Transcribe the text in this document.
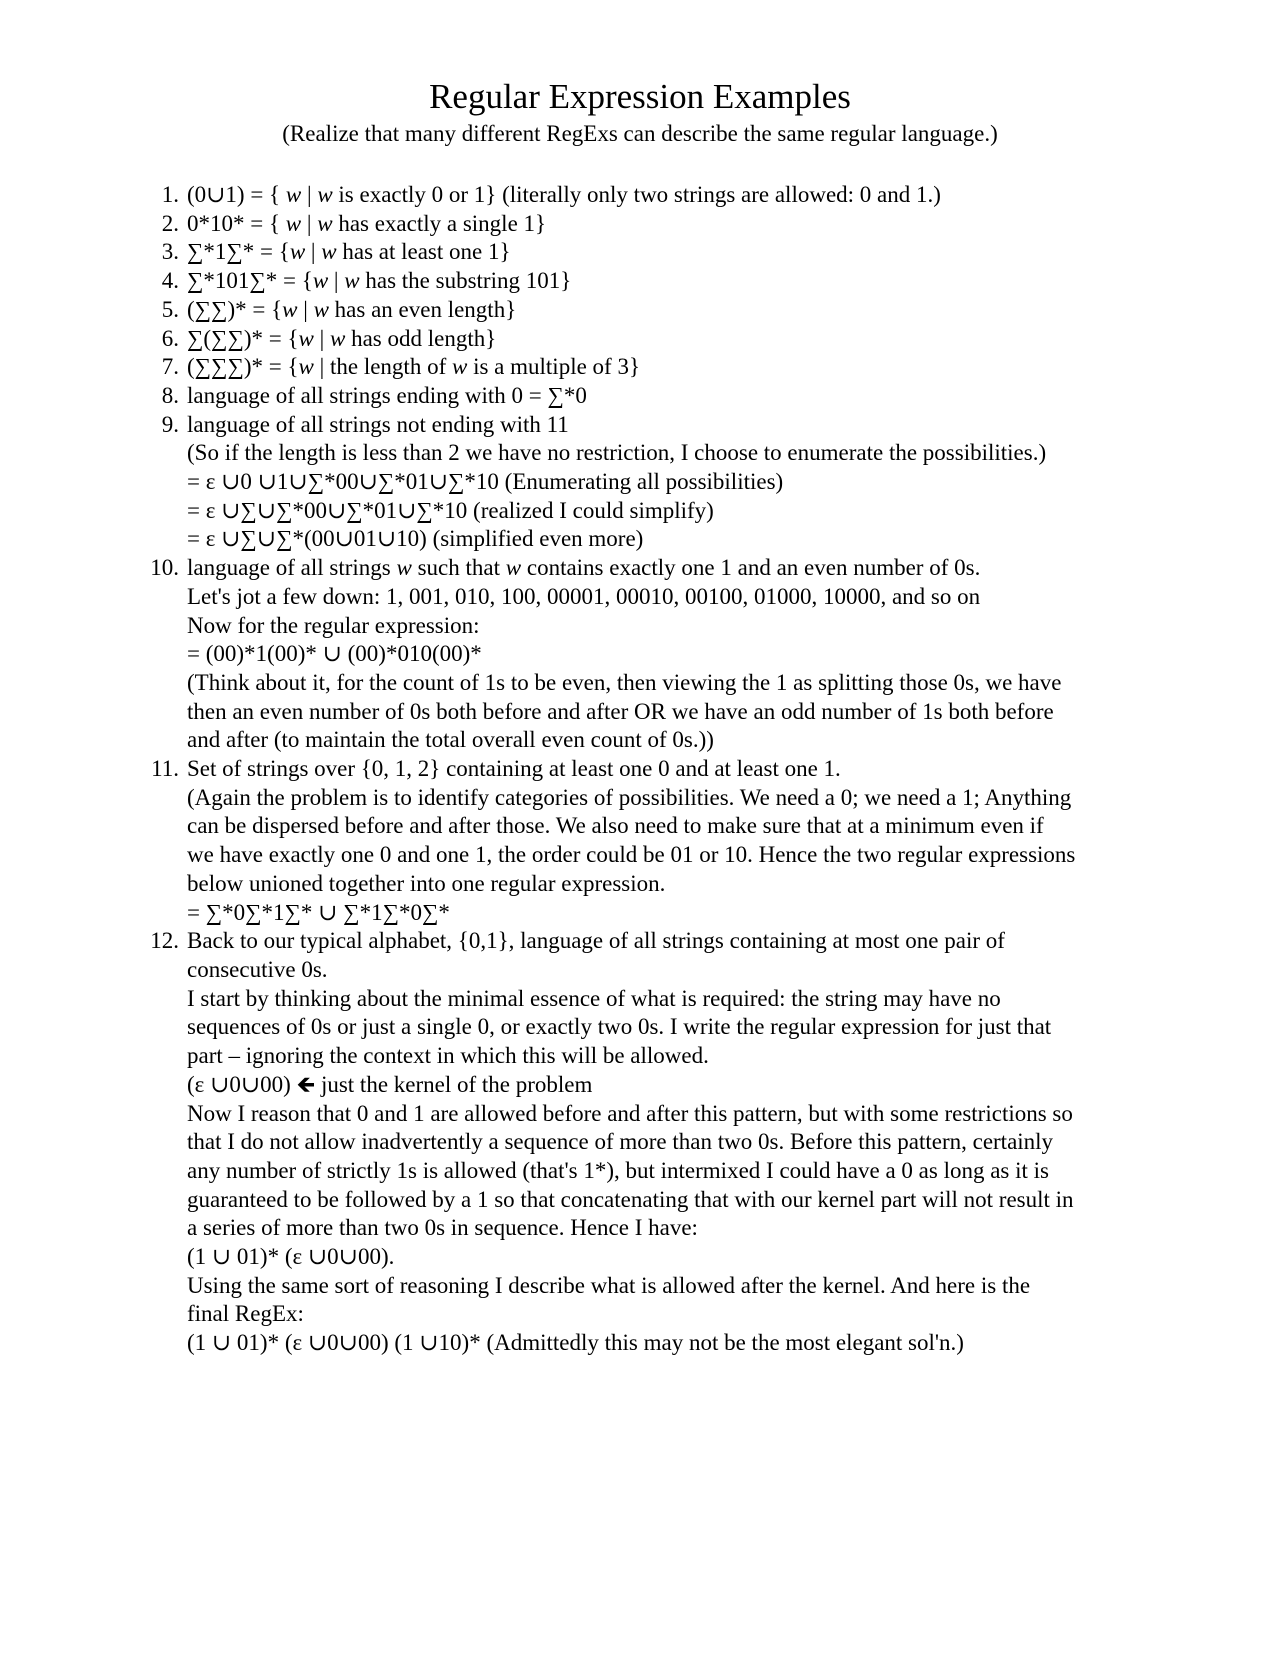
Regular Expression Examples
(Realize that many different RegExs can describe the same regular language.)
1. (0∪1) = { w | w is exactly 0 or 1} (literally only two strings are allowed: 0 and 1.)
2. 0*10* = { w | w has exactly a single 1}
3. ∑*1∑* = {w | w has at least one 1}
4. ∑*101∑* = {w | w has the substring 101}
5. (∑∑)* = {w | w has an even length}
6. ∑(∑∑)* = {w | w has odd length}
7. (∑∑∑)* = {w | the length of w is a multiple of 3}
8. language of all strings ending with 0 = ∑*0
9. language of all strings not ending with 11
(So if the length is less than 2 we have no restriction, I choose to enumerate the possibilities.)
= ε ∪0 ∪1∪∑*00∪∑*01∪∑*10 (Enumerating all possibilities)
= ε ∪∑∪∑*00∪∑*01∪∑*10 (realized I could simplify)
= ε ∪∑∪∑*(00∪01∪10) (simplified even more)
10. language of all strings w such that w contains exactly one 1 and an even number of 0s.
Let's jot a few down: 1, 001, 010, 100, 00001, 00010, 00100, 01000, 10000, and so on
Now for the regular expression:
= (00)*1(00)* ∪ (00)*010(00)*
(Think about it, for the count of 1s to be even, then viewing the 1 as splitting those 0s, we have
then an even number of 0s both before and after OR we have an odd number of 1s both before
and after (to maintain the total overall even count of 0s.))
11. Set of strings over {0, 1, 2} containing at least one 0 and at least one 1.
(Again the problem is to identify categories of possibilities. We need a 0; we need a 1; Anything
can be dispersed before and after those. We also need to make sure that at a minimum even if
we have exactly one 0 and one 1, the order could be 01 or 10. Hence the two regular expressions
below unioned together into one regular expression.
= ∑*0∑*1∑* ∪ ∑*1∑*0∑*
12. Back to our typical alphabet, {0,1}, language of all strings containing at most one pair of
consecutive 0s.
I start by thinking about the minimal essence of what is required: the string may have no
sequences of 0s or just a single 0, or exactly two 0s. I write the regular expression for just that
part – ignoring the context in which this will be allowed.
(ε ∪0∪00) 🡸 just the kernel of the problem
Now I reason that 0 and 1 are allowed before and after this pattern, but with some restrictions so
that I do not allow inadvertently a sequence of more than two 0s. Before this pattern, certainly
any number of strictly 1s is allowed (that's 1*), but intermixed I could have a 0 as long as it is
guaranteed to be followed by a 1 so that concatenating that with our kernel part will not result in
a series of more than two 0s in sequence. Hence I have:
(1 ∪ 01)* (ε ∪0∪00).
Using the same sort of reasoning I describe what is allowed after the kernel. And here is the
final RegEx:
(1 ∪ 01)* (ε ∪0∪00) (1 ∪10)* (Admittedly this may not be the most elegant sol'n.)
